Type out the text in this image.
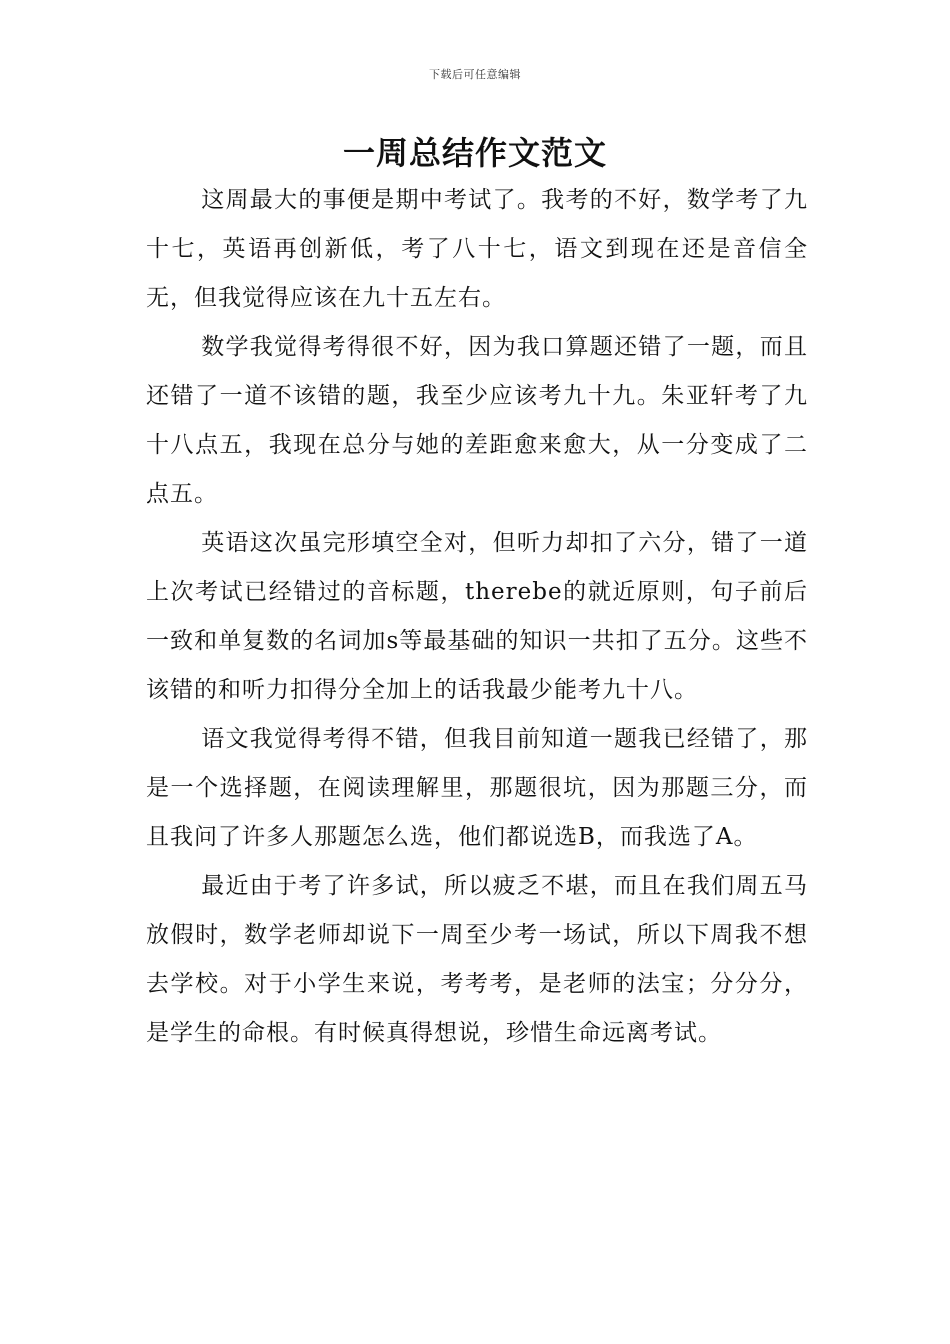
下载后可任意编辑
一周总结作文范文

这周最大的事便是期中考试了。我考的不好，数学考了九十七，英语再创新低，考了八十七，语文到现在还是音信全无，但我觉得应该在九十五左右。

数学我觉得考得很不好，因为我口算题还错了一题，而且还错了一道不该错的题，我至少应该考九十九。朱亚轩考了九十八点五，我现在总分与她的差距愈来愈大，从一分变成了二点五。

英语这次虽完形填空全对，但听力却扣了六分，错了一道上次考试已经错过的音标题，therebe的就近原则，句子前后一致和单复数的名词加s等最基础的知识一共扣了五分。这些不该错的和听力扣得分全加上的话我最少能考九十八。

语文我觉得考得不错，但我目前知道一题我已经错了，那是一个选择题，在阅读理解里，那题很坑，因为那题三分，而且我问了许多人那题怎么选，他们都说选B，而我选了A。

最近由于考了许多试，所以疲乏不堪，而且在我们周五马放假时，数学老师却说下一周至少考一场试，所以下周我不想去学校。对于小学生来说，考考考，是老师的法宝；分分分，是学生的命根。有时候真得想说，珍惜生命远离考试。
